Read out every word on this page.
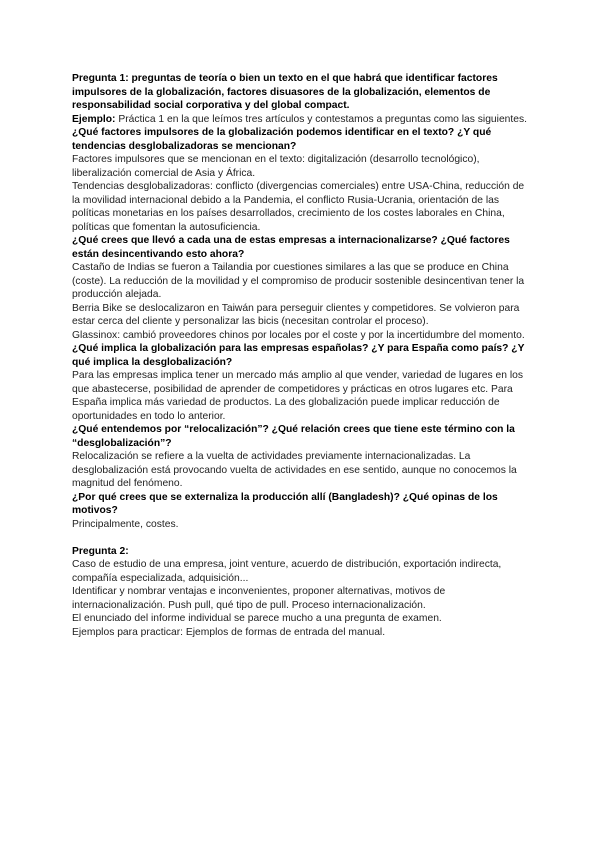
Pregunta 1: preguntas de teoría o bien un texto en el que habrá que identificar factores impulsores de la globalización, factores disuasores de la globalización, elementos de responsabilidad social corporativa y del global compact.

Ejemplo: Práctica 1 en la que leímos tres artículos y contestamos a preguntas como las siguientes.

¿Qué factores impulsores de la globalización podemos identificar en el texto? ¿Y qué tendencias desglobalizadoras se mencionan?

Factores impulsores que se mencionan en el texto: digitalización (desarrollo tecnológico), liberalización comercial de Asia y África.

Tendencias desglobalizadoras: conflicto (divergencias comerciales) entre USA-China, reducción de la movilidad internacional debido a la Pandemia, el conflicto Rusia-Ucrania, orientación de las políticas monetarias en los países desarrollados, crecimiento de los costes laborales en China, políticas que fomentan la autosuficiencia.

¿Qué crees que llevó a cada una de estas empresas a internacionalizarse? ¿Qué factores están desincentivando esto ahora?

Castaño de Indias se fueron a Tailandia por cuestiones similares a las que se produce en China (coste). La reducción de la movilidad y el compromiso de producir sostenible desincentivan tener la producción alejada.

Berria Bike se deslocalizaron en Taiwán para perseguir clientes y competidores. Se volvieron para estar cerca del cliente y personalizar las bicis (necesitan controlar el proceso).

Glassinox: cambió proveedores chinos por locales por el coste y por la incertidumbre del momento.

¿Qué implica la globalización para las empresas españolas? ¿Y para España como país? ¿Y qué implica la desglobalización?

Para las empresas implica tener un mercado más amplio al que vender, variedad de lugares en los que abastecerse, posibilidad de aprender de competidores y prácticas en otros lugares etc. Para España implica más variedad de productos. La des globalización puede implicar reducción de oportunidades en todo lo anterior.

¿Qué entendemos por “relocalización”? ¿Qué relación crees que tiene este término con la “desglobalización”?

Relocalización se refiere a la vuelta de actividades previamente internacionalizadas. La desglobalización está provocando vuelta de actividades en ese sentido, aunque no conocemos la magnitud del fenómeno.

¿Por qué crees que se externaliza la producción allí (Bangladesh)? ¿Qué opinas de los motivos?

Principalmente, costes.

Pregunta 2:

Caso de estudio de una empresa, joint venture, acuerdo de distribución, exportación indirecta, compañía especializada, adquisición...

Identificar y nombrar ventajas e inconvenientes, proponer alternativas, motivos de internacionalización. Push pull, qué tipo de pull. Proceso internacionalización.

El enunciado del informe individual se parece mucho a una pregunta de examen.

Ejemplos para practicar: Ejemplos de formas de entrada del manual.
